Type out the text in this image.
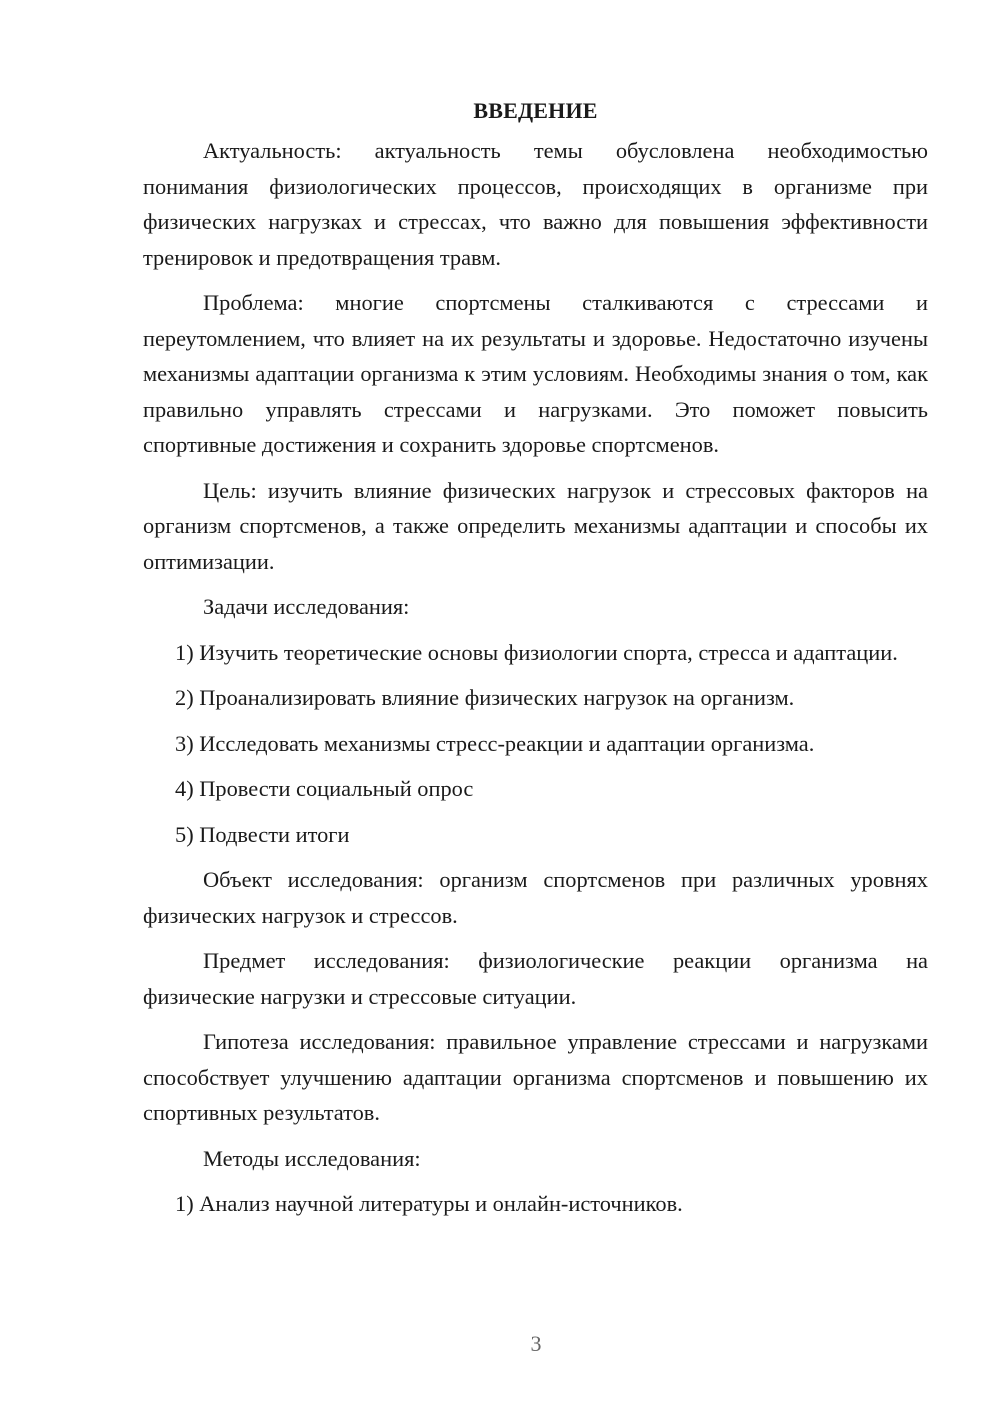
ВВЕДЕНИЕ

Актуальность: актуальность темы обусловлена необходимостью понимания физиологических процессов, происходящих в организме при физических нагрузках и стрессах, что важно для повышения эффективности тренировок и предотвращения травм.

Проблема: многие спортсмены сталкиваются с стрессами и переутомлением, что влияет на их результаты и здоровье. Недостаточно изучены механизмы адаптации организма к этим условиям. Необходимы знания о том, как правильно управлять стрессами и нагрузками. Это поможет повысить спортивные достижения и сохранить здоровье спортсменов.

Цель: изучить влияние физических нагрузок и стрессовых факторов на организм спортсменов, а также определить механизмы адаптации и способы их оптимизации.

Задачи исследования:

1) Изучить теоретические основы физиологии спорта, стресса и адаптации.

2) Проанализировать влияние физических нагрузок на организм.

3) Исследовать механизмы стресс-реакции и адаптации организма.

4) Провести социальный опрос

5) Подвести итоги

Объект исследования: организм спортсменов при различных уровнях физических нагрузок и стрессов.

Предмет исследования: физиологические реакции организма на физические нагрузки и стрессовые ситуации.

Гипотеза исследования: правильное управление стрессами и нагрузками способствует улучшению адаптации организма спортсменов и повышению их спортивных результатов.

Методы исследования:

1) Анализ научной литературы и онлайн-источников.

3
